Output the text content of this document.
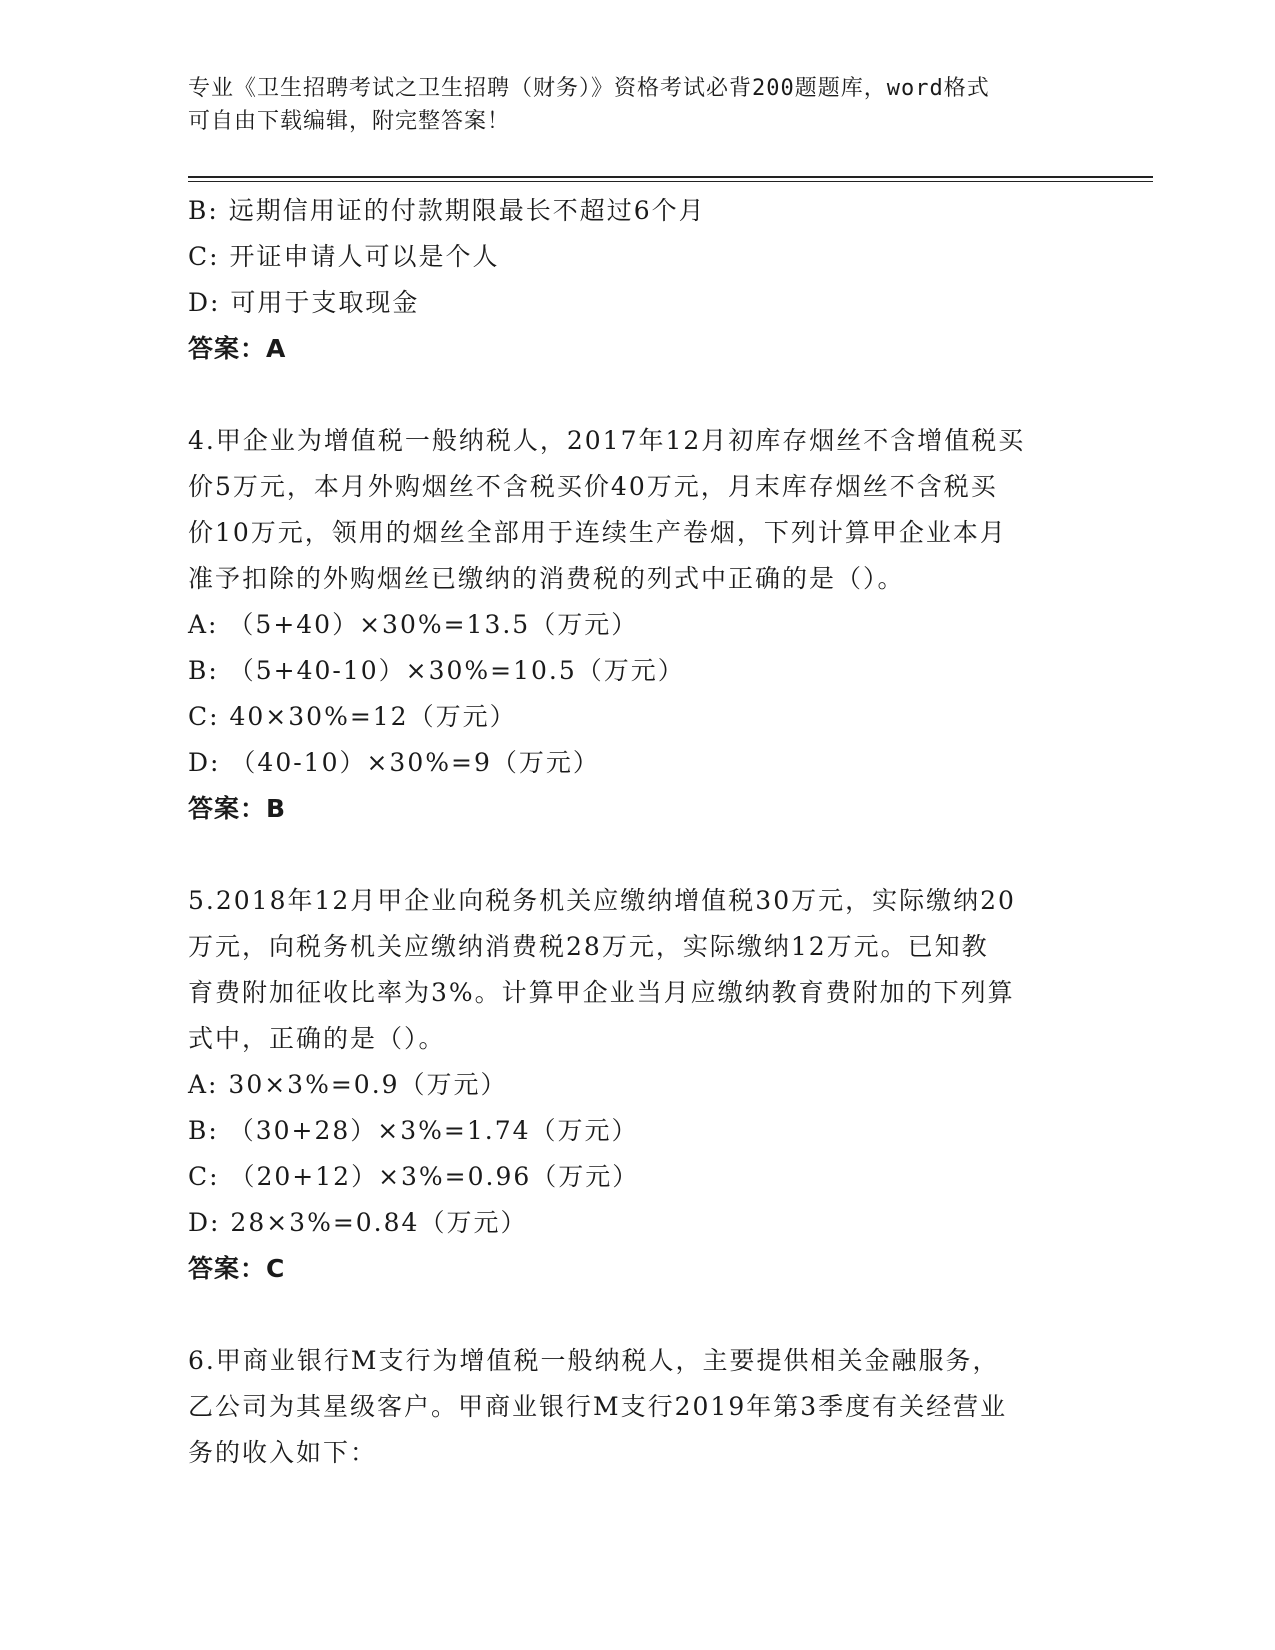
专业《卫生招聘考试之卫生招聘（财务）》资格考试必背200题题库，word格式
可自由下载编辑，附完整答案！
B: 远期信用证的付款期限最长不超过6个月
C: 开证申请人可以是个人
D: 可用于支取现金
答案：A
4.甲企业为增值税一般纳税人，2017年12月初库存烟丝不含增值税买
价5万元，本月外购烟丝不含税买价40万元，月末库存烟丝不含税买
价10万元，领用的烟丝全部用于连续生产卷烟，下列计算甲企业本月
准予扣除的外购烟丝已缴纳的消费税的列式中正确的是（）。
A: （5+40）×30%=13.5（万元）
B: （5+40-10）×30%=10.5（万元）
C: 40×30%=12（万元）
D: （40-10）×30%=9（万元）
答案：B
5.2018年12月甲企业向税务机关应缴纳增值税30万元，实际缴纳20
万元，向税务机关应缴纳消费税28万元，实际缴纳12万元。已知教
育费附加征收比率为3%。计算甲企业当月应缴纳教育费附加的下列算
式中，正确的是（）。
A: 30×3%=0.9（万元）
B: （30+28）×3%=1.74（万元）
C: （20+12）×3%=0.96（万元）
D: 28×3%=0.84（万元）
答案：C
6.甲商业银行M支行为增值税一般纳税人，主要提供相关金融服务，
乙公司为其星级客户。甲商业银行M支行2019年第3季度有关经营业
务的收入如下：
